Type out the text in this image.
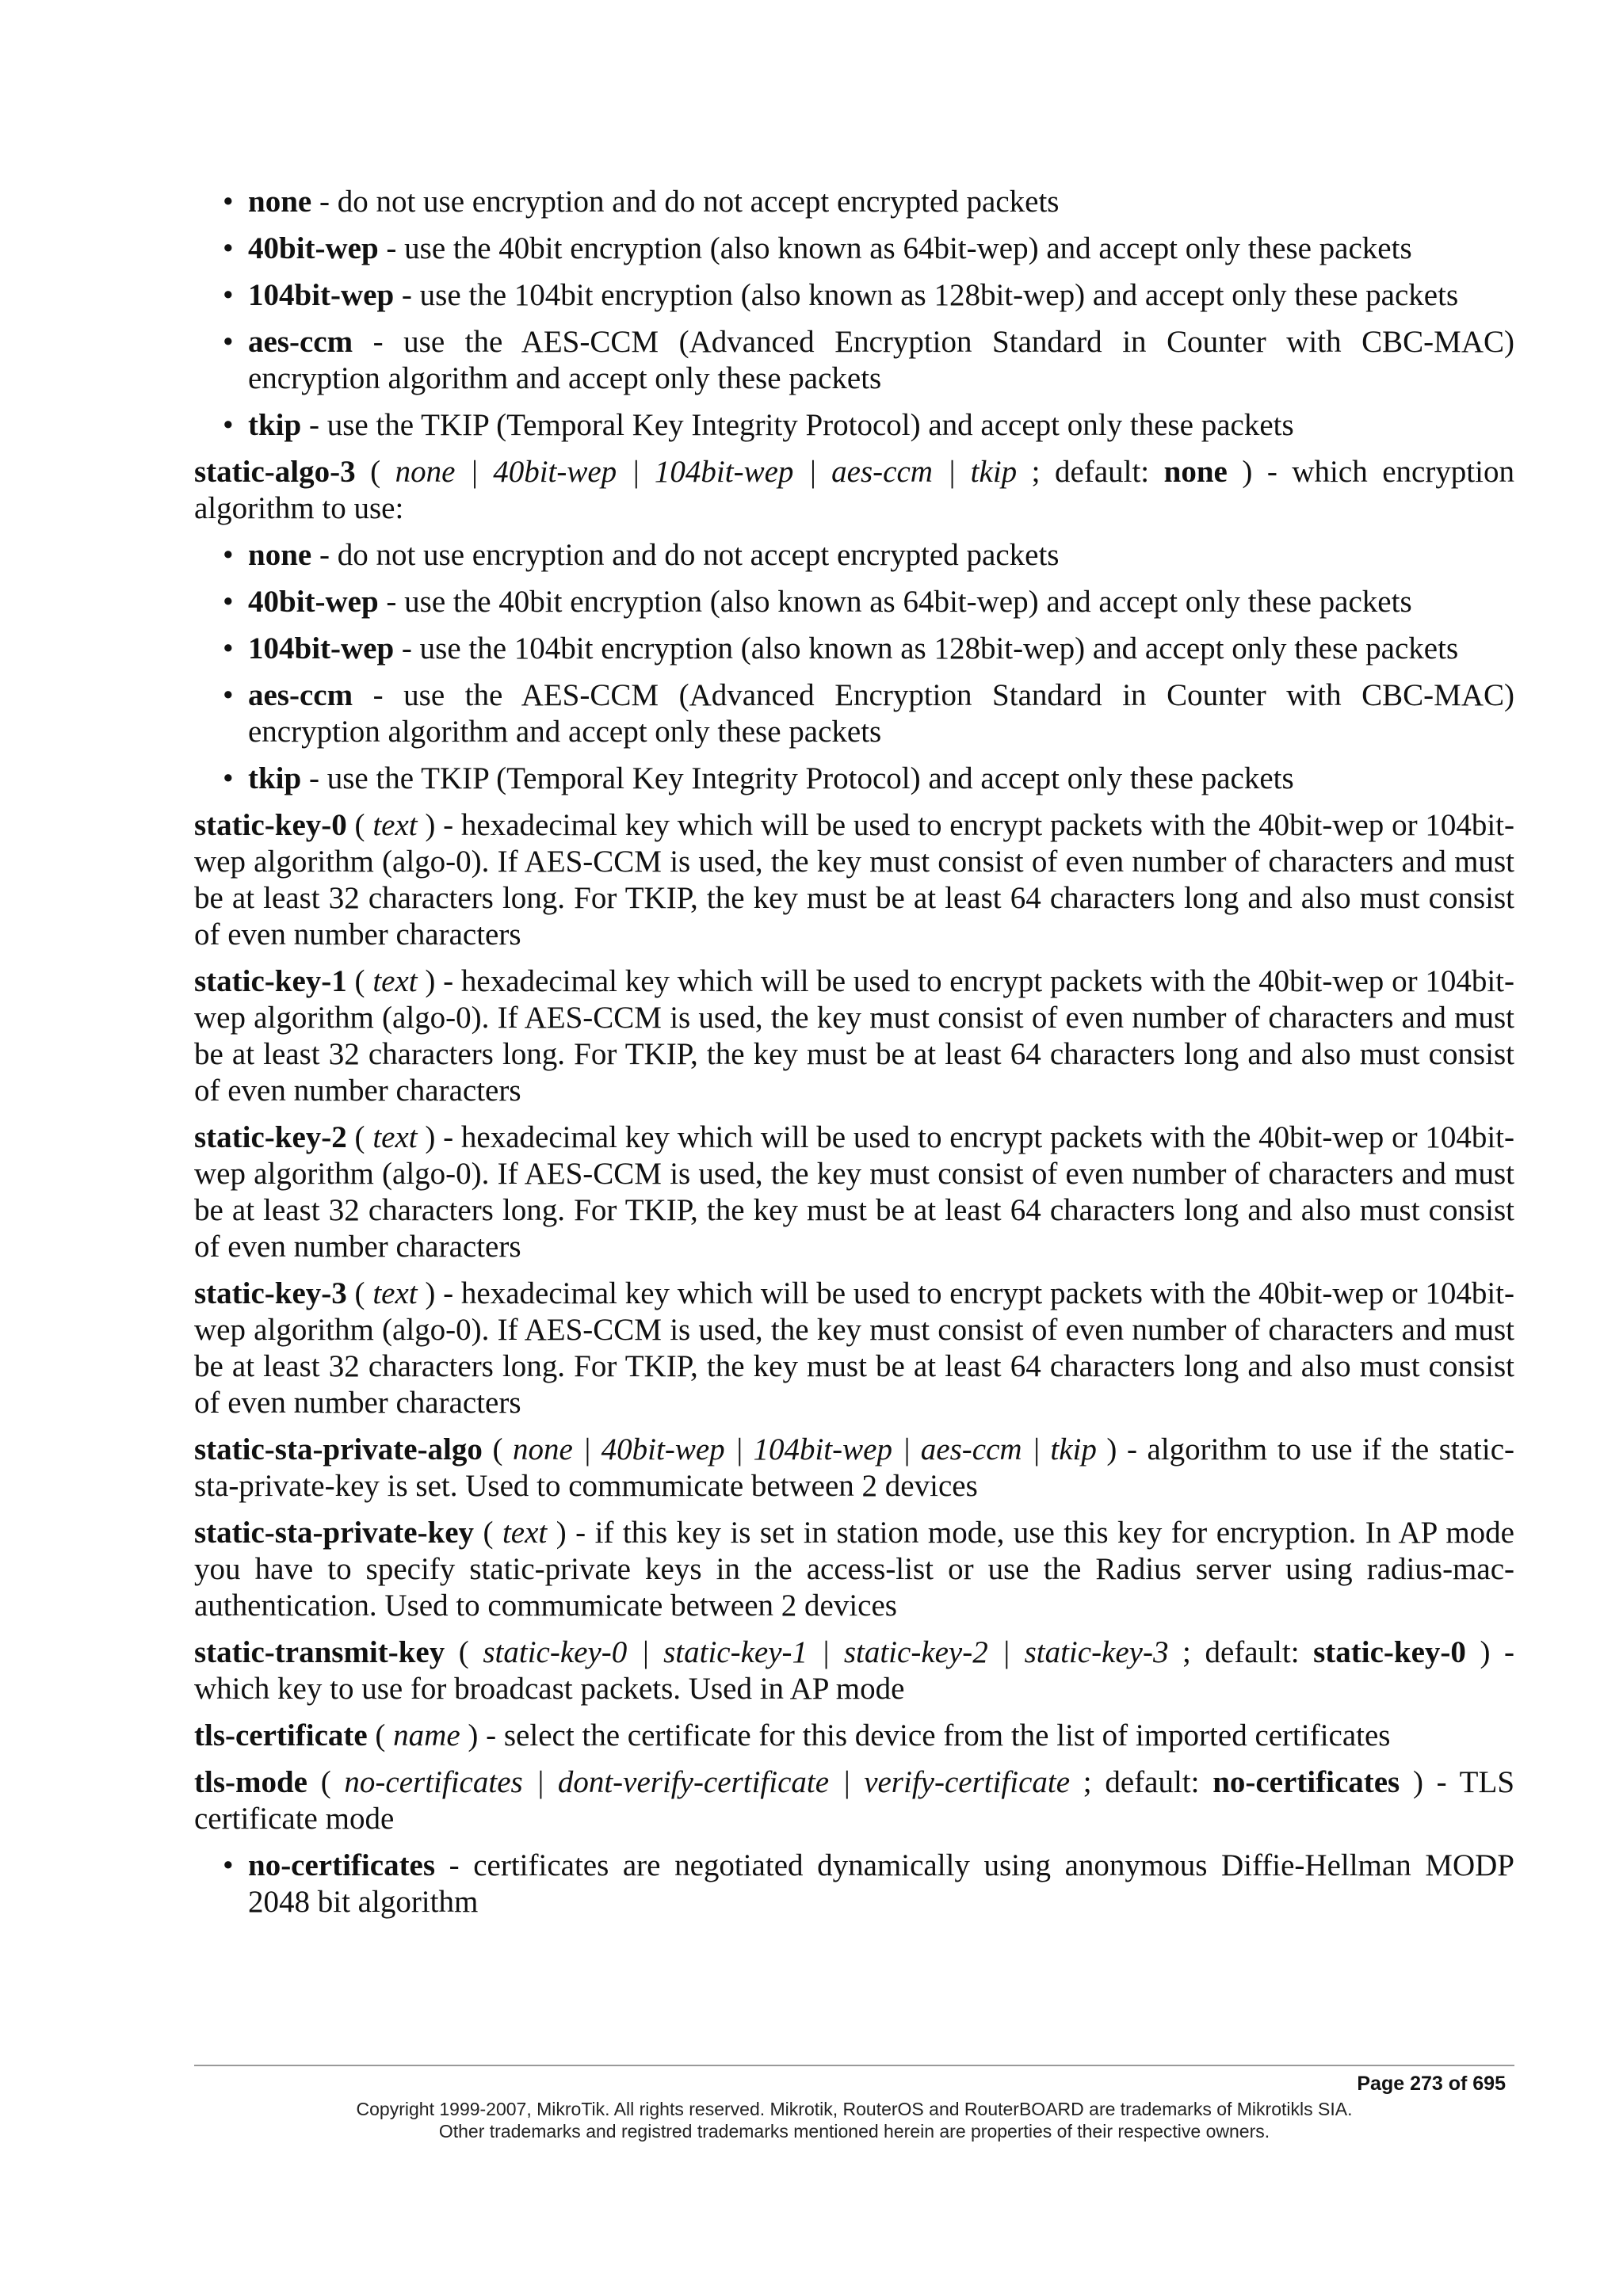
• none - do not use encryption and do not accept encrypted packets
• 40bit-wep - use the 40bit encryption (also known as 64bit-wep) and accept only these packets
• 104bit-wep - use the 104bit encryption (also known as 128bit-wep) and accept only these packets
• aes-ccm - use the AES-CCM (Advanced Encryption Standard in Counter with CBC-MAC) encryption algorithm and accept only these packets
• tkip - use the TKIP (Temporal Key Integrity Protocol) and accept only these packets

static-algo-3 ( none | 40bit-wep | 104bit-wep | aes-ccm | tkip ; default: none ) - which encryption algorithm to use:

• none - do not use encryption and do not accept encrypted packets
• 40bit-wep - use the 40bit encryption (also known as 64bit-wep) and accept only these packets
• 104bit-wep - use the 104bit encryption (also known as 128bit-wep) and accept only these packets
• aes-ccm - use the AES-CCM (Advanced Encryption Standard in Counter with CBC-MAC) encryption algorithm and accept only these packets
• tkip - use the TKIP (Temporal Key Integrity Protocol) and accept only these packets

static-key-0 ( text ) - hexadecimal key which will be used to encrypt packets with the 40bit-wep or 104bit-wep algorithm (algo-0). If AES-CCM is used, the key must consist of even number of characters and must be at least 32 characters long. For TKIP, the key must be at least 64 characters long and also must consist of even number characters

static-key-1 ( text ) - hexadecimal key which will be used to encrypt packets with the 40bit-wep or 104bit-wep algorithm (algo-0). If AES-CCM is used, the key must consist of even number of characters and must be at least 32 characters long. For TKIP, the key must be at least 64 characters long and also must consist of even number characters

static-key-2 ( text ) - hexadecimal key which will be used to encrypt packets with the 40bit-wep or 104bit-wep algorithm (algo-0). If AES-CCM is used, the key must consist of even number of characters and must be at least 32 characters long. For TKIP, the key must be at least 64 characters long and also must consist of even number characters

static-key-3 ( text ) - hexadecimal key which will be used to encrypt packets with the 40bit-wep or 104bit-wep algorithm (algo-0). If AES-CCM is used, the key must consist of even number of characters and must be at least 32 characters long. For TKIP, the key must be at least 64 characters long and also must consist of even number characters

static-sta-private-algo ( none | 40bit-wep | 104bit-wep | aes-ccm | tkip ) - algorithm to use if the static-sta-private-key is set. Used to commumicate between 2 devices

static-sta-private-key ( text ) - if this key is set in station mode, use this key for encryption. In AP mode you have to specify static-private keys in the access-list or use the Radius server using radius-mac-authentication. Used to commumicate between 2 devices

static-transmit-key ( static-key-0 | static-key-1 | static-key-2 | static-key-3 ; default: static-key-0 ) - which key to use for broadcast packets. Used in AP mode

tls-certificate ( name ) - select the certificate for this device from the list of imported certificates

tls-mode ( no-certificates | dont-verify-certificate | verify-certificate ; default: no-certificates ) - TLS certificate mode

• no-certificates - certificates are negotiated dynamically using anonymous Diffie-Hellman MODP 2048 bit algorithm
Page 273 of 695
Copyright 1999-2007, MikroTik. All rights reserved. Mikrotik, RouterOS and RouterBOARD are trademarks of Mikrotikls SIA.
Other trademarks and registred trademarks mentioned herein are properties of their respective owners.
